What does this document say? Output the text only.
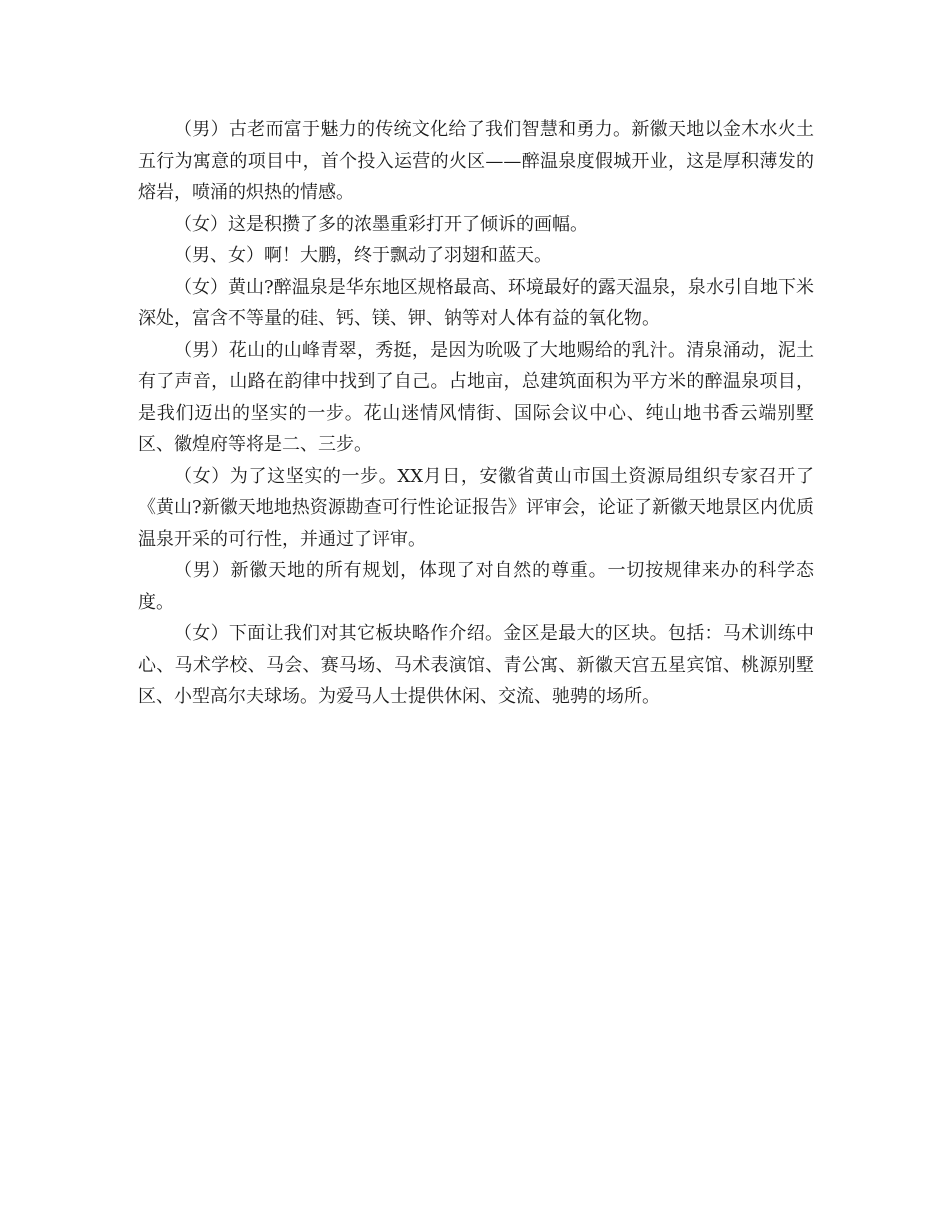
（男）古老而富于魅力的传统文化给了我们智慧和勇力。新徽天地以金木水火土五行为寓意的项目中，首个投入运营的火区——醉温泉度假城开业，这是厚积薄发的熔岩，喷涌的炽热的情感。

（女）这是积攒了多的浓墨重彩打开了倾诉的画幅。

（男、女）啊！大鹏，终于飘动了羽翅和蓝天。

（女）黄山?醉温泉是华东地区规格最高、环境最好的露天温泉，泉水引自地下米深处，富含不等量的硅、钙、镁、钾、钠等对人体有益的氧化物。

（男）花山的山峰青翠，秀挺，是因为吮吸了大地赐给的乳汁。清泉涌动，泥土有了声音，山路在韵律中找到了自己。占地亩，总建筑面积为平方米的醉温泉项目，是我们迈出的坚实的一步。花山迷情风情街、国际会议中心、纯山地书香云端别墅区、徽煌府等将是二、三步。

（女）为了这坚实的一步。XX月日，安徽省黄山市国土资源局组织专家召开了《黄山?新徽天地地热资源勘查可行性论证报告》评审会，论证了新徽天地景区内优质温泉开采的可行性，并通过了评审。

（男）新徽天地的所有规划，体现了对自然的尊重。一切按规律来办的科学态度。

（女）下面让我们对其它板块略作介绍。金区是最大的区块。包括：马术训练中心、马术学校、马会、赛马场、马术表演馆、青公寓、新徽天宫五星宾馆、桃源别墅区、小型高尔夫球场。为爱马人士提供休闲、交流、驰骋的场所。
